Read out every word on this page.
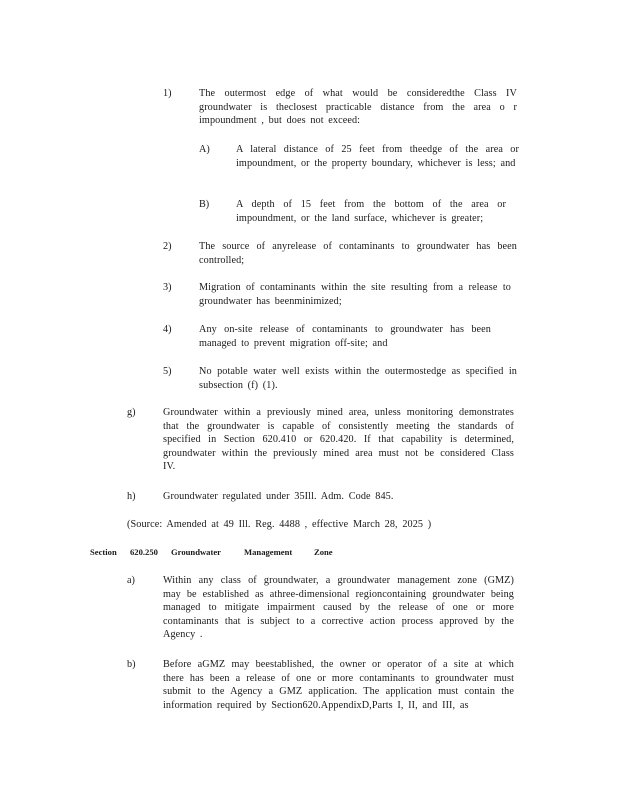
1)	The outermost edge of what would be consideredthe Class IV groundwater is theclosest practicable distance from the area o r impoundment , but does not exceed:
A)	A lateral distance of 25 feet from theedge of the area or impoundment, or the property boundary, whichever is less; and
B)	A depth of 15 feet from the bottom of the area or impoundment, or the land surface, whichever is greater;
2)	The source of anyrelease of contaminants to groundwater has been controlled;
3)	Migration of contaminants within the site resulting from a release to groundwater has beenminimized;
4)	Any on-site release of contaminants to groundwater has been managed to prevent migration off-site; and
5)	No potable water well exists within the outermostedge as specified in subsection (f) (1).
g)	Groundwater within a previously mined area, unless monitoring demonstrates that the groundwater is capable of consistently meeting the standards of specified in Section 620.410 or 620.420. If that capability is determined, groundwater within the previously mined area must not be considered Class IV.
h)	Groundwater regulated under 35Ill. Adm. Code 845.
(Source: Amended at 49 Ill. Reg. 4488 , effective March 28, 2025 )
Section 620.250 Groundwater	Management	Zone
a)	Within any class of groundwater, a groundwater management zone (GMZ) may be established as athree-dimensional regioncontaining groundwater being managed to mitigate impairment caused by the release of one or more contaminants that is subject to a corrective action process approved by the Agency .
b)	Before aGMZ may beestablished, the owner or operator of a site at which there has been a release of one or more contaminants to groundwater must submit to the Agency a GMZ application. The application must contain the information required by Section620.AppendixD,Parts I, II, and III, as
